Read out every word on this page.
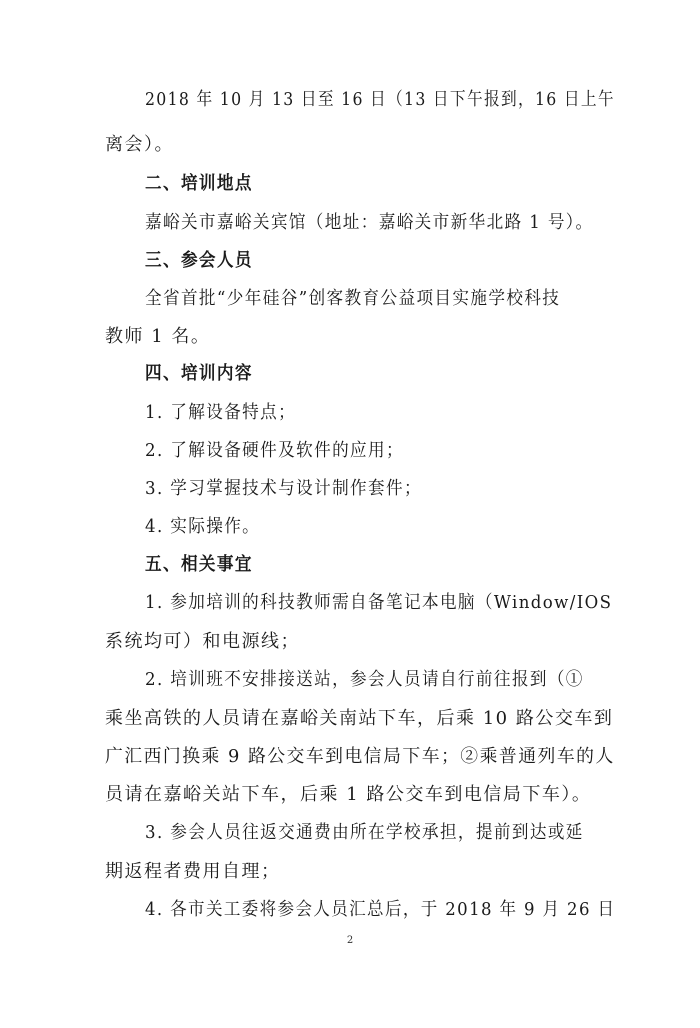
2018 年 10 月 13 日至 16 日（13 日下午报到，16 日上午
离会）。
二、培训地点
嘉峪关市嘉峪关宾馆（地址：嘉峪关市新华北路 1 号）。
三、参会人员
全省首批“少年硅谷”创客教育公益项目实施学校科技
教师 1 名。
四、培训内容
1. 了解设备特点；
2. 了解设备硬件及软件的应用；
3. 学习掌握技术与设计制作套件；
4. 实际操作。
五、相关事宜
1. 参加培训的科技教师需自备笔记本电脑（Window/IOS
系统均可）和电源线；
2. 培训班不安排接送站，参会人员请自行前往报到（①
乘坐高铁的人员请在嘉峪关南站下车，后乘 10 路公交车到
广汇西门换乘 9 路公交车到电信局下车；②乘普通列车的人
员请在嘉峪关站下车，后乘 1 路公交车到电信局下车）。
3. 参会人员往返交通费由所在学校承担，提前到达或延
期返程者费用自理；
4. 各市关工委将参会人员汇总后，于 2018 年 9 月 26 日
2
